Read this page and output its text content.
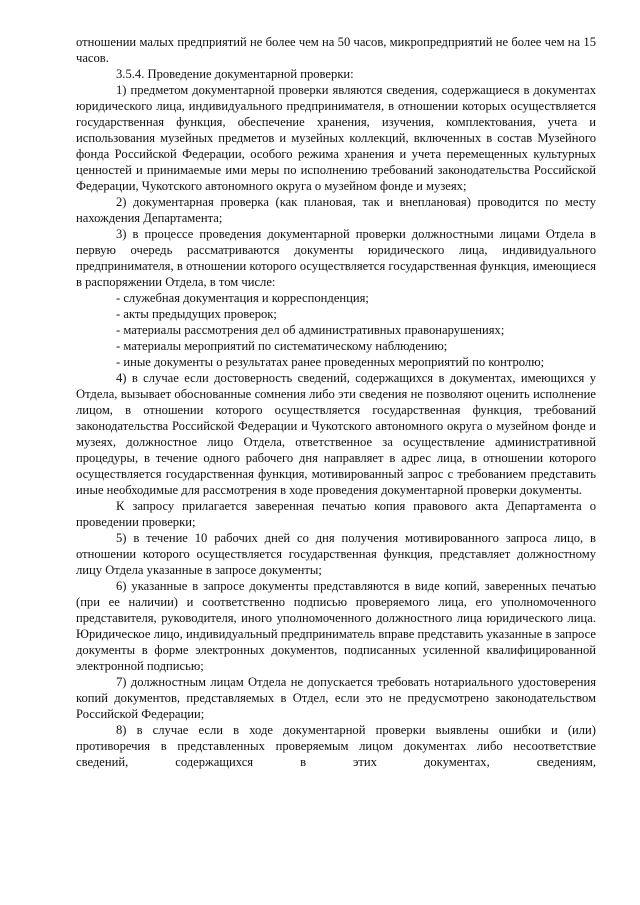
отношении малых предприятий не более чем на 50 часов, микропредприятий не более чем на 15 часов.

3.5.4. Проведение документарной проверки:

1) предметом документарной проверки являются сведения, содержащиеся в документах юридического лица, индивидуального предпринимателя, в отношении которых осуществляется государственная функция, обеспечение хранения, изучения, комплектования, учета и использования музейных предметов и музейных коллекций, включенных в состав Музейного фонда Российской Федерации, особого режима хранения и учета перемещенных культурных ценностей и принимаемые ими меры по исполнению требований законодательства Российской Федерации, Чукотского автономного округа о музейном фонде и музеях;

2) документарная проверка (как плановая, так и внеплановая) проводится по месту нахождения Департамента;

3) в процессе проведения документарной проверки должностными лицами Отдела в первую очередь рассматриваются документы юридического лица, индивидуального предпринимателя, в отношении которого осуществляется государственная функция, имеющиеся в распоряжении Отдела, в том числе:

- служебная документация и корреспонденция;
- акты предыдущих проверок;
- материалы рассмотрения дел об административных правонарушениях;
- материалы мероприятий по систематическому наблюдению;
- иные документы о результатах ранее проведенных мероприятий по контролю;

4) в случае если достоверность сведений, содержащихся в документах, имеющихся у Отдела, вызывает обоснованные сомнения либо эти сведения не позволяют оценить исполнение лицом, в отношении которого осуществляется государственная функция, требований законодательства Российской Федерации и Чукотского автономного округа о музейном фонде и музеях, должностное лицо Отдела, ответственное за осуществление административной процедуры, в течение одного рабочего дня направляет в адрес лица, в отношении которого осуществляется государственная функция, мотивированный запрос с требованием представить иные необходимые для рассмотрения в ходе проведения документарной проверки документы.

К запросу прилагается заверенная печатью копия правового акта Департамента о проведении проверки;

5) в течение 10 рабочих дней со дня получения мотивированного запроса лицо, в отношении которого осуществляется государственная функция, представляет должностному лицу Отдела указанные в запросе документы;

6) указанные в запросе документы представляются в виде копий, заверенных печатью (при ее наличии) и соответственно подписью проверяемого лица, его уполномоченного представителя, руководителя, иного уполномоченного должностного лица юридического лица. Юридическое лицо, индивидуальный предприниматель вправе представить указанные в запросе документы в форме электронных документов, подписанных усиленной квалифицированной электронной подписью;

7) должностным лицам Отдела не допускается требовать нотариального удостоверения копий документов, представляемых в Отдел, если это не предусмотрено законодательством Российской Федерации;

8) в случае если в ходе документарной проверки выявлены ошибки и (или) противоречия в представленных проверяемым лицом документах либо несоответствие сведений, содержащихся в этих документах, сведениям,
